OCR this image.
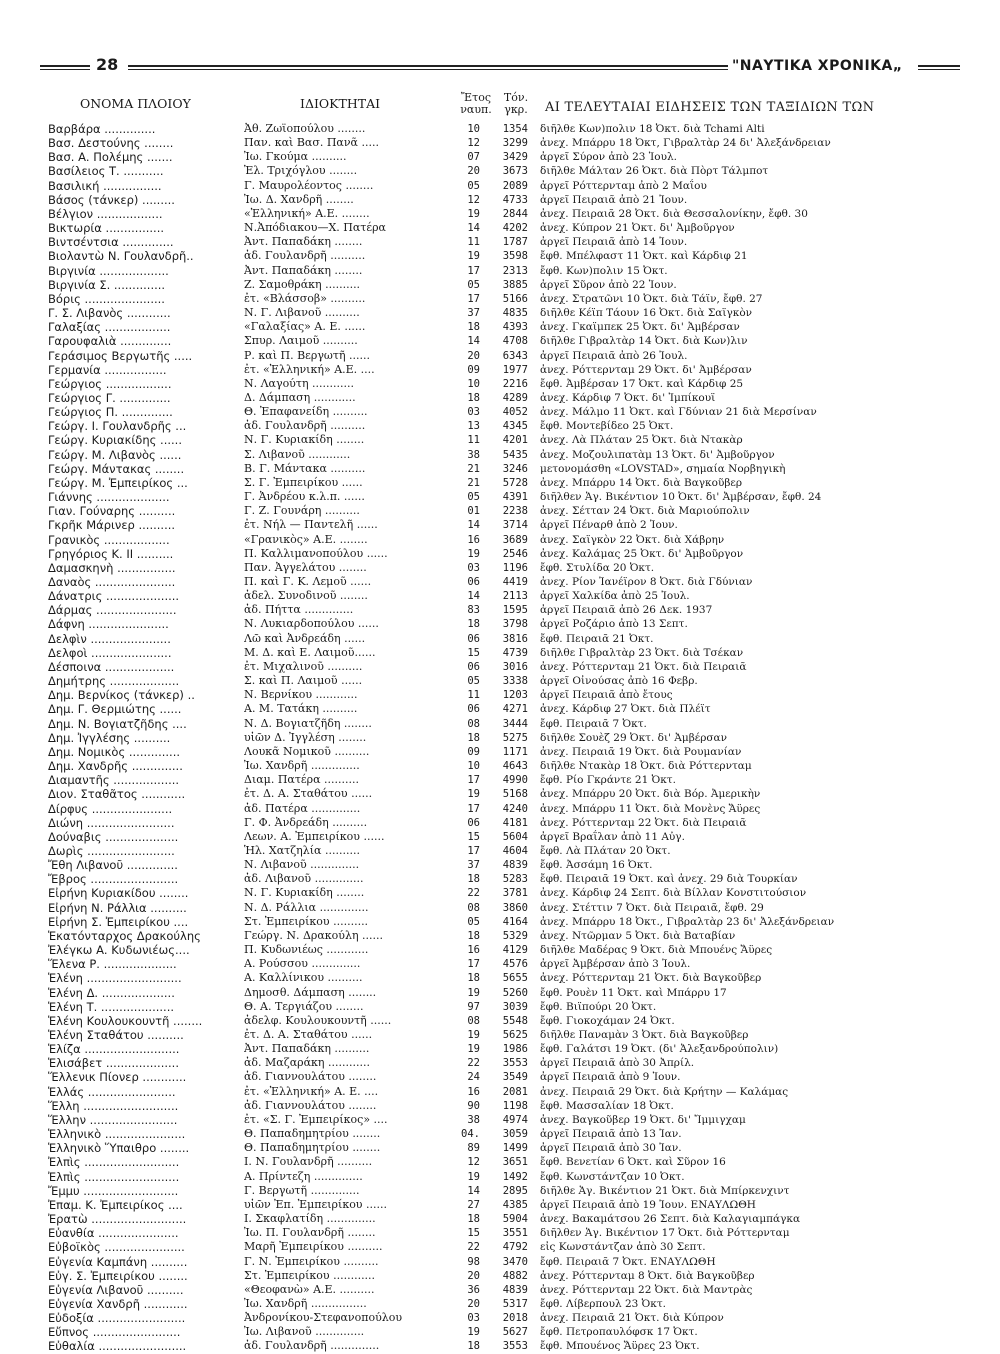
28	"ΝΑΥΤΙΚΑ ΧΡΟΝΙΚΑ„
ΟΝΟΜΑ ΠΛΟΙΟΥ	ΙΔΙΟΚΤΗΤΑΙ	Ἔτος
ναυπ.
Τόν.
γκρ.	ΑΙ ΤΕΛΕΥΤΑΙΑΙ ΕΙΔΗΣΕΙΣ ΤΩΝ ΤΑΞΙΔΙΩΝ ΤΩΝ
Βαρβάρα ..............	Ἀθ. Ζωϊοπούλου ........	10	1354 διῆλθε Κων)πολιν 18 Ὀκτ. διὰ Tchami Alti
Βασ. Δεστούνης ........	Παν. καὶ Βασ. Πανᾶ .....	12	3299 ἀνεχ. Μπάρρυ 18 Ὀκτ, Γιβραλτὰρ 24 δι' Ἀλεξάνδρειαν
Βασ. Α. Πολέμης .......	Ἰω. Γκούμα ..........	07	3429 ἀργεῖ Σύρον ἀπὸ 23 Ἰουλ.
Βασίλειος Τ. ...........	Ἐλ. Τριχόγλου ........	20	3673 διῆλθε Μάλταν 26 Ὀκτ. διὰ Πὸρτ Τάλμποτ
Βασιλική ................	Γ. Μαυρολέοντος ........	05	2089 ἀργεῖ Ρόττερνταμ ἀπὸ 2 Μαΐου
Βάσος (τάνκερ) .........	Ἰω. Δ. Χανδρῆ ........	12	4733 ἀργεῖ Πειραιᾶ ἀπὸ 21 Ἰουν.
Βέλγιον ..................	«Ἑλληνική» Α.Ε. ........	19	2844 ἀνεχ. Πειραιᾶ 28 Ὀκτ. διὰ Θεσσαλονίκην, ἔφθ. 30
Βικτωρία ................	Ν.Ἀπόδιακου—Χ. Πατέρα	14	4202 ἀνεχ. Κύπρον 21 Ὀκτ. δι' Ἀμβοῦργον
Βιντσέντσια ..............	Ἀντ. Παπαδάκη ........	11	1787 ἀργεῖ Πειραιᾶ ἀπὸ 14 Ἰουν.
Βιολαντὼ Ν. Γουλανδρῆ..	ἀδ. Γουλανδρῆ ..........	19	3598 ἔφθ. Μπέλφαστ 11 Ὀκτ. καὶ Κάρδιφ 21
Βιργινία ...................	Ἀντ. Παπαδάκη ........	17	2313 ἔφθ. Κων)πολιν 15 Ὀκτ.
Βιργινία Σ. ..............	Ζ. Σαμοθράκη ..........	05	3885 ἀργεῖ Σῦρον ἀπὸ 22 Ἰουν.
Βόρις ......................	ἐτ. «Βλάσσοβ» ..........	17	5166 ἀνεχ. Στρατῶνι 10 Ὀκτ. διὰ Τάϊν, ἔφθ. 27
Γ. Σ. Λιβανὸς ............	Ν. Γ. Λιβανοῦ ..........	37	4835 διῆλθε Κέϊπ Τάουν 16 Ὀκτ. διὰ Σαϊγκὸν
Γαλαξίας ..................	«Γαλαξίας» Α. Ε. ......	18	4393 ἀνεχ. Γκαϊμπεκ 25 Ὀκτ. δι' Ἀμβέρσαν
Γαρουφαλιὰ ..............	Σπυρ. Λαιμοῦ ..........	14	4708 διῆλθε Γιβραλτὰρ 14 Ὀκτ. διὰ Κων)λιν
Γεράσιμος Βεργωτῆς .....	Ρ. καὶ Π. Βεργωτῆ ......	20	6343 ἀργεῖ Πειραιᾶ ἀπὸ 26 Ἰουλ.
Γερμανία .................	ἐτ. «Ἑλληνική» Α.Ε. ....	09	1977 ἀνεχ. Ρόττερνταμ 29 Ὀκτ. δι' Ἀμβέρσαν
Γεώργιος ..................	Ν. Λαγούτη ............	10	2216 ἔφθ. Ἀμβέρσαν 17 Ὀκτ. καὶ Κάρδιφ 25
Γεώργιος Γ. ..............	Δ. Δάμπαση ............	18	4289 ἀνεχ. Κάρδιφ 7 Ὀκτ. δι' Ἰμπίκουϊ
Γεώργιος Π. ..............	Θ. Ἐπαφανείδη ..........	03	4052 ἀνεχ. Μάλμο 11 Ὀκτ. καὶ Γδύνιαν 21 διὰ Μερσίναν
Γεώργ. Ι. Γουλανδρῆς ...	ἀδ. Γουλανδρῆ ..........	13	4345 ἔφθ. Μοντεβίδεο 25 Ὀκτ.
Γεώργ. Κυριακίδης ......	Ν. Γ. Κυριακίδη ........	11	4201 ἀνεχ. Λὰ Πλάταν 25 Ὀκτ. διὰ Ντακὰρ
Γεώργ. Μ. Λιβανὸς ......	Σ. Λιβανοῦ ............	38	5435 ἀνεχ. Μοζουλιπατὰμ 13 Ὀκτ. δι' Ἀμβοῦργον
Γεώργ. Μάντακας ........	Β. Γ. Μάντακα ..........	21	3246 μετονομάσθη «LOVSTAD», σημαία Νορβηγικὴ
Γεώργ. Μ. Ἐμπειρίκος ...	Σ. Γ. Ἐμπειρίκου ......	21	5728 ἀνεχ. Μπάρρυ 14 Ὀκτ. διὰ Βαγκοῦβερ
Γιάννης ....................	Γ. Ἀνδρέου κ.λ.π. ......	05	4391 διῆλθεν Ἁγ. Βικέντιον 10 Ὀκτ. δι' Ἀμβέρσαν, ἔφθ. 24
Γιαν. Γούναρης ..........	Γ. Ζ. Γουνάρη ..........	01	2238 ἀνεχ. Σέτταν 24 Ὀκτ. διὰ Μαριούπολιν
Γκρῆκ Μάρινερ ..........	ἐτ. Νήλ — Παντελῆ ......	14	3714 ἀργεῖ Πέναρθ ἀπὸ 2 Ἰουν.
Γρανικὸς ..................	«Γρανικὸς» Α.Ε. ........	16	3689 ἀνεχ. Σαϊγκὸν 22 Ὀκτ. διὰ Χάβρην
Γρηγόριος Κ. ΙΙ ..........	Π. Καλλιμανοπούλου ......	19	2546 ἀνεχ. Καλάμας 25 Ὀκτ. δι' Ἀμβοῦργον
Δαμασκηνὴ ................	Παν. Ἀγγελάτου ........	03	1196 ἔφθ. Στυλίδα 20 Ὀκτ.
Δαναὸς ......................	Π. καὶ Γ. Κ. Λεμοῦ ......	06	4419 ἀνεχ. Ρίον Ἰανέϊρον 8 Ὀκτ. διὰ Γδύνιαν
Δάνατρις ....................	ἀδελ. Συνοδινοῦ ........	14	2113 ἀργεῖ Χαλκίδα ἀπὸ 25 Ἰουλ.
Δάρμας ......................	ἀδ. Πήττα ..............	83	1595 ἀργεῖ Πειραιᾶ ἀπὸ 26 Δεκ. 1937
Δάφνη ......................	Ν. Λυκιαρδοπούλου ......	18	3798 ἀργεῖ Ροζάριο ἀπὸ 13 Σεπτ.
Δελφὶν ......................	Λῶ καὶ Ἀνδρεάδη ......	06	3816 ἔφθ. Πειραιᾶ 21 Ὀκτ.
Δελφοὶ ......................	Μ. Δ. καὶ Ε. Λαιμοῦ......	15	4739 διῆλθε Γιβραλτὰρ 23 Ὀκτ. διὰ Τσέκαν
Δέσποινα ...................	ἐτ. Μιχαλινοῦ ..........	06	3016 ἀνεχ. Ρόττερνταμ 21 Ὀκτ. διὰ Πειραιᾶ
Δημήτρης ...................	Σ. καὶ Π. Λαιμοῦ ......	05	3338 ἀργεῖ Οἰνούσας ἀπὸ 16 Φεβρ.
Δημ. Βερνίκος (τάνκερ) ..	Ν. Βερνίκου ............	11	1203 ἀργεῖ Πειραιᾶ ἀπὸ ἔτους
Δημ. Γ. Θερμιώτης ......	Α. Μ. Τατάκη ..........	06	4271 ἀνεχ. Κάρδιφ 27 Ὀκτ. διὰ Πλέϊτ
Δημ. Ν. Βογιατζῆδης ....	Ν. Δ. Βογιατζῆδη ........	08	3444 ἔφθ. Πειραιᾶ 7 Ὀκτ.
Δημ. Ἰγγλέσης ..........	υἱῶν Δ. Ἰγγλέση ........	18	5275 διῆλθε Σουὲζ 29 Ὀκτ. δι' Ἀμβέρσαν
Δημ. Νομικὸς ..............	Λουκᾶ Νομικοῦ ..........	09	1171 ἀνεχ. Πειραιᾶ 19 Ὀκτ. διὰ Ρουμανίαν
Δημ. Χανδρῆς ..............	Ἰω. Χανδρῆ ..............	10	4643 διῆλθε Ντακὰρ 18 Ὀκτ. διὰ Ρόττερνταμ
Διαμαντῆς ..................	Διαμ. Πατέρα ..........	17	4990 ἔφθ. Ρίο Γκράντε 21 Ὀκτ.
Διον. Σταθᾶτος ............	ἐτ. Δ. Α. Σταθάτου ......	19	5168 ἀνεχ. Μπάρρυ 20 Ὀκτ. διὰ Βόρ. Ἀμερικὴν
Δίρφυς ......................	ἀδ. Πατέρα ..............	17	4240 ἀνεχ. Μπάρρυ 11 Ὀκτ. διὰ Μονὲνς Ἄϋρες
Διώνη ........................	Γ. Φ. Ἀνδρεάδη ..........	06	4181 ἀνεχ. Ρόττερνταμ 22 Ὀκτ. διὰ Πειραιᾶ
Δούναβις ....................	Λεων. Α. Ἐμπειρίκου ......	15	5604 ἀργεῖ Βραΐλαν ἀπὸ 11 Αὐγ.
Δωρὶς ........................	Ἡλ. Χατζηλία ..........	17	4604 ἔφθ. Λὰ Πλάταν 20 Ὀκτ.
Ἔθη Λιβανοῦ ..............	Ν. Λιβανοῦ ..............	37	4839 ἔφθ. Ἀσσάμη 16 Ὀκτ.
Ἔβρος ........................	ἀδ. Λιβανοῦ ..............	18	5283 ἔφθ. Πειραιᾶ 19 Ὀκτ. καὶ ἀνεχ. 29 διὰ Τουρκίαν
Εἰρήνη Κυριακίδου ........	Ν. Γ. Κυριακίδη ........	22	3781 ἀνεχ. Κάρδιφ 24 Σεπτ. διὰ Βίλλαν Κονστιτούσιον
Εἰρήνη Ν. Ράλλια ..........	Ν. Δ. Ράλλια ..............	08	3860 ἀνεχ. Στέττιν 7 Ὀκτ. διὰ Πειραιᾶ, ἔφθ. 29
Εἰρήνη Σ. Ἐμπειρίκου ....	Στ. Ἐμπειρίκου ..........	05	4164 ἀνεχ. Μπάρρυ 18 Ὀκτ., Γιβραλτὰρ 23 δι' Ἀλεξάνδρειαν
Ἑκατόνταρχος Δρακούλης	Γεώργ. Ν. Δρακούλη ......	18	5329 ἀνεχ. Ντῶρμαν 5 Ὀκτ. διὰ Βαταβίαν
Ἐλέγκω Α. Κυδωνιέως....	Π. Κυδωνιέως ............	16	4129 διῆλθε Μαδέρας 9 Ὀκτ. διὰ Μπουένς Ἄϋρες
Ἕλενα Ρ. ....................	Α. Ρούσσου ..............	17	4576 ἀργεῖ Ἀμβέρσαν ἀπὸ 3 Ἰουλ.
Ἑλένη ..........................	Α. Καλλίνικου ..........	18	5655 ἀνεχ. Ρόττερνταμ 21 Ὀκτ. διὰ Βαγκοῦβερ
Ἑλένη Δ. ....................	Δημοσθ. Δάμπαση ........	19	5260 ἔφθ. Ρουὲν 11 Ὀκτ. καὶ Μπάρρυ 17
Ἑλένη Τ. ....................	Θ. Α. Τεργιάζου ........	97	3039 ἔφθ. Βιϊπούρι 20 Ὀκτ.
Ἑλένη Κουλουκουντῆ ........	ἀδελφ. Κουλουκουντῆ ......	08	5548 ἔφθ. Γιοκοχάμαν 24 Ὀκτ.
Ἑλένη Σταθάτου ..........	ἐτ. Δ. Α. Σταθάτου ......	19	5625 διῆλθε Παναμὰν 3 Ὀκτ. διὰ Βαγκοῦβερ
Ἑλίζα ..........................	Ἀντ. Παπαδάκη ..........	19	1986 ἔφθ. Γαλάτσι 19 Ὀκτ. (δι' Ἀλεξανδρούπολιν)
Ἑλισάβετ ....................	ἀδ. Μαζαράκη ............	22	3553 ἀργεῖ Πειραιᾶ ἀπὸ 30 Ἀπρίλ.
Ἕλλενικ Πίονερ ............	ἀδ. Γιαννουλάτου ........	24	3549 ἀργεῖ Πειραιᾶ ἀπὸ 9 Ἰουν.
Ἑλλάς ........................	ἐτ. «Ἑλληνική» Α. Ε. ....	16	2081 ἀνεχ. Πειραιᾶ 29 Ὀκτ. διὰ Κρήτην — Καλάμας
Ἕλλη ..........................	ἀδ. Γιαννουλάτου ........	90	1198 ἔφθ. Μασσαλίαν 18 Ὀκτ.
Ἕλλην ........................	ἐτ. «Σ. Γ. Ἐμπειρίκος» ....	38	4974 ἀνεχ. Βαγκοῦβερ 19 Ὀκτ. δι' Ἴμμιγχαμ
Ἑλληνικὸ ......................	Θ. Παπαδημητρίου ........	04.	3059 ἀργεῖ Πειραιᾶ ἀπὸ 13 Ἰαν.
Ἑλληνικὸ Ὕπαιθρο ........	Θ. Παπαδημητρίου ........	89	1499 ἀργεῖ Πειραιᾶ ἀπὸ 30 Ἰαν.
Ἐλπὶς ..........................	Ι. Ν. Γουλανδρῆ ..........	12	3651 ἔφθ. Βενετίαν 6 Ὀκτ. καὶ Σῦρον 16
Ἐλπὶς ..........................	Α. Πρίντεζη ..............	19	1492 ἔφθ. Κωνστάντζαν 10 Ὀκτ.
Ἔμμυ ..........................	Γ. Βεργωτῆ ..............	14	2895 διῆλθε Ἁγ. Βικέντιον 21 Ὀκτ. διὰ Μπίρκενχιντ
Ἐπαμ. Κ. Ἐμπειρίκος ....	υἱῶν Ἐπ. Ἐμπειρίκου ......	27	4385 ἀργεῖ Πειραιᾶ ἀπὸ 19 Ἰουν. ΕΝΑΥΛΩΘΗ
Ἐρατὼ ..........................	Ι. Σκαφλατίδη ..............	18	5904 ἀνεχ. Βακαμάτσου 26 Σεπτ. διὰ Καλαγιαμπάγκα
Εὐανθία ......................	Ἰω. Π. Γουλανδρῆ ........	15	3551 διῆλθεν Ἁγ. Βικέντιον 17 Ὀκτ. διὰ Ρόττερνταμ
Εὐβοϊκὸς ......................	Μαρῆ Ἐμπειρίκου ..........	22	4792 εἰς Κωνστάντζαν ἀπὸ 30 Σεπτ.
Εὐγενία Καμπάνη ..........	Γ. Ν. Ἐμπειρίκου ..........	98	3470 ἔφθ. Πειραιᾶ 7 Ὀκτ. ΕΝΑΥΛΩΘΗ
Εὐγ. Σ. Ἐμπειρίκου ........	Στ. Ἐμπειρίκου ............	20	4882 ἀνεχ. Ρόττερνταμ 8 Ὀκτ. διὰ Βαγκοῦβερ
Εὐγενία Λιβανοῦ ..........	«Θεοφανὼ» Α.Ε. ..........	36	4839 ἀνεχ. Ρόττερνταμ 22 Ὀκτ. διὰ Μαντρὰς
Εὐγενία Χανδρῆ ............	Ἰω. Χανδρῆ ................	20	5317 ἔφθ. Λίβερπουλ 23 Ὀκτ.
Εὐδοξία ........................	Ἀνδρονίκου-Στεφανοπούλου	03	2018 ἀνεχ. Πειραιᾶ 21 Ὀκτ. διὰ Κύπρον
Εὔπνος ........................	Ἰω. Λιβανοῦ ..............	19	5627 ἔφθ. Πετροπαυλόφσκ 17 Ὀκτ.
Εὐθαλία ........................	ἀδ. Γουλανδρῆ ..............	18	3553 ἔφθ. Μπουένος Ἄϋρες 23 Ὀκτ.
